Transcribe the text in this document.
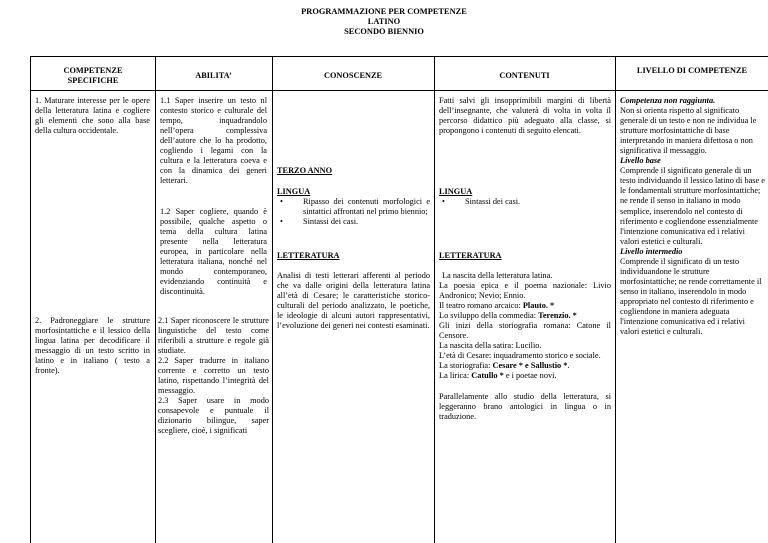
PROGRAMMAZIONE PER COMPETENZE
LATINO
SECONDO BIENNIO
COMPETENZE SPECIFICHE
ABILITA’	CONOSCENZE	CONTENUTI
LIVELLO DI COMPETENZE
1. Maturare interesse per le opere della letteratura latina e cogliere gli elementi che sono alla base della cultura occidentale.
2. Padroneggiare le strutture morfosintattiche e il lessico della lingua latina per decodificare il messaggio di un testo scritto in latino e in italiano ( testo a fronte).
1.1 Saper inserire un testo nl contesto storico e culturale del tempo, inquadrandolo nell’opera complessiva dell’autore che lo ha prodotto, cogliendo i legami con la cultura e la letteratura coeva e con la dinamica dei generi letterari.
1.2 Saper cogliere, quando è possibile, qualche aspetto o tema della cultura latina presente nella letteratura europea, in particolare nella letteratura italiana, nonché nel mondo contemporaneo, evidenziando continuità e discontinuità.
2.1 Saper riconoscere le strutture linguistiche del testo come riferibili a strutture e regole già studiate.
2.2 Saper tradurre in italiano corrente e corretto un testo latino, rispettando l’integrità del messaggio.
2.3 Saper usare in modo consapevole e puntuale il dizionario bilingue, saper scegliere, cioè, i significati
TERZO ANNO
LINGUA

• Ripasso dei contenuti morfologici e sintattici affrontati nel primo biennio;

• Sintassi dei casi.

LETTERATURA
Analisi di testi letterari afferenti al periodo che va dalle origini della letteratura latina all’età di Cesare; le caratteristiche storico-culturali del periodo analizzato, le poetiche, le ideologie di alcuni autori rappresentativi, l’evoluzione dei generi nei contesti esaminati.
Fatti salvi gli insopprimibili margini di libertà dell’insegnante, che valuterà di volta in volta il percorso didattico più adeguato alla classe, si propongono i contenuti di seguito elencati.
LINGUA

• Sintassi dei casi.

LETTERATURA

La nascita della letteratura latina.

La poesia epica e il poema nazionale: Livio Andronico; Nevio; Ennio.

Il teatro romano arcaico: Plauto. *

Lo sviluppo della commedia: Terenzio. *

Gli inizi della storiografia romana: Catone il Censore.

La nascita della satira: Lucilio.

L’età di Cesare: inquadramento storico e sociale.

La storiografia: Cesare * e Sallustio *.

La lirica: Catullo * e i poetae novi.

Parallelamente allo studio della letteratura, si leggeranno brano antologici in lingua o in traduzione.

Competenza non raggiunta.

Non si orienta rispetto al significato generale di un testo e non ne individua le strutture morfosintattiche di base interpretando in maniera difettosa o non significativa il messaggio.

Livello base

Comprende il significato generale di un testo individuando il lessico latino di base e le fondamentali strutture morfosintattiche; ne rende il senso in italiano in modo semplice, inserendolo nel contesto di riferimento e cogliendone essenzialmente l'intenzione comunicativa ed i relativi valori estetici e culturali.

Livello intermedio

Comprende il significato di un testo individuandone le strutture morfosintattiche; ne rende correttamente il senso in italiano, inserendolo in modo appropriato nel contesto di riferimento e cogliendone in maniera adeguata l'intenzione comunicativa ed i relativi valori estetici e culturali.
